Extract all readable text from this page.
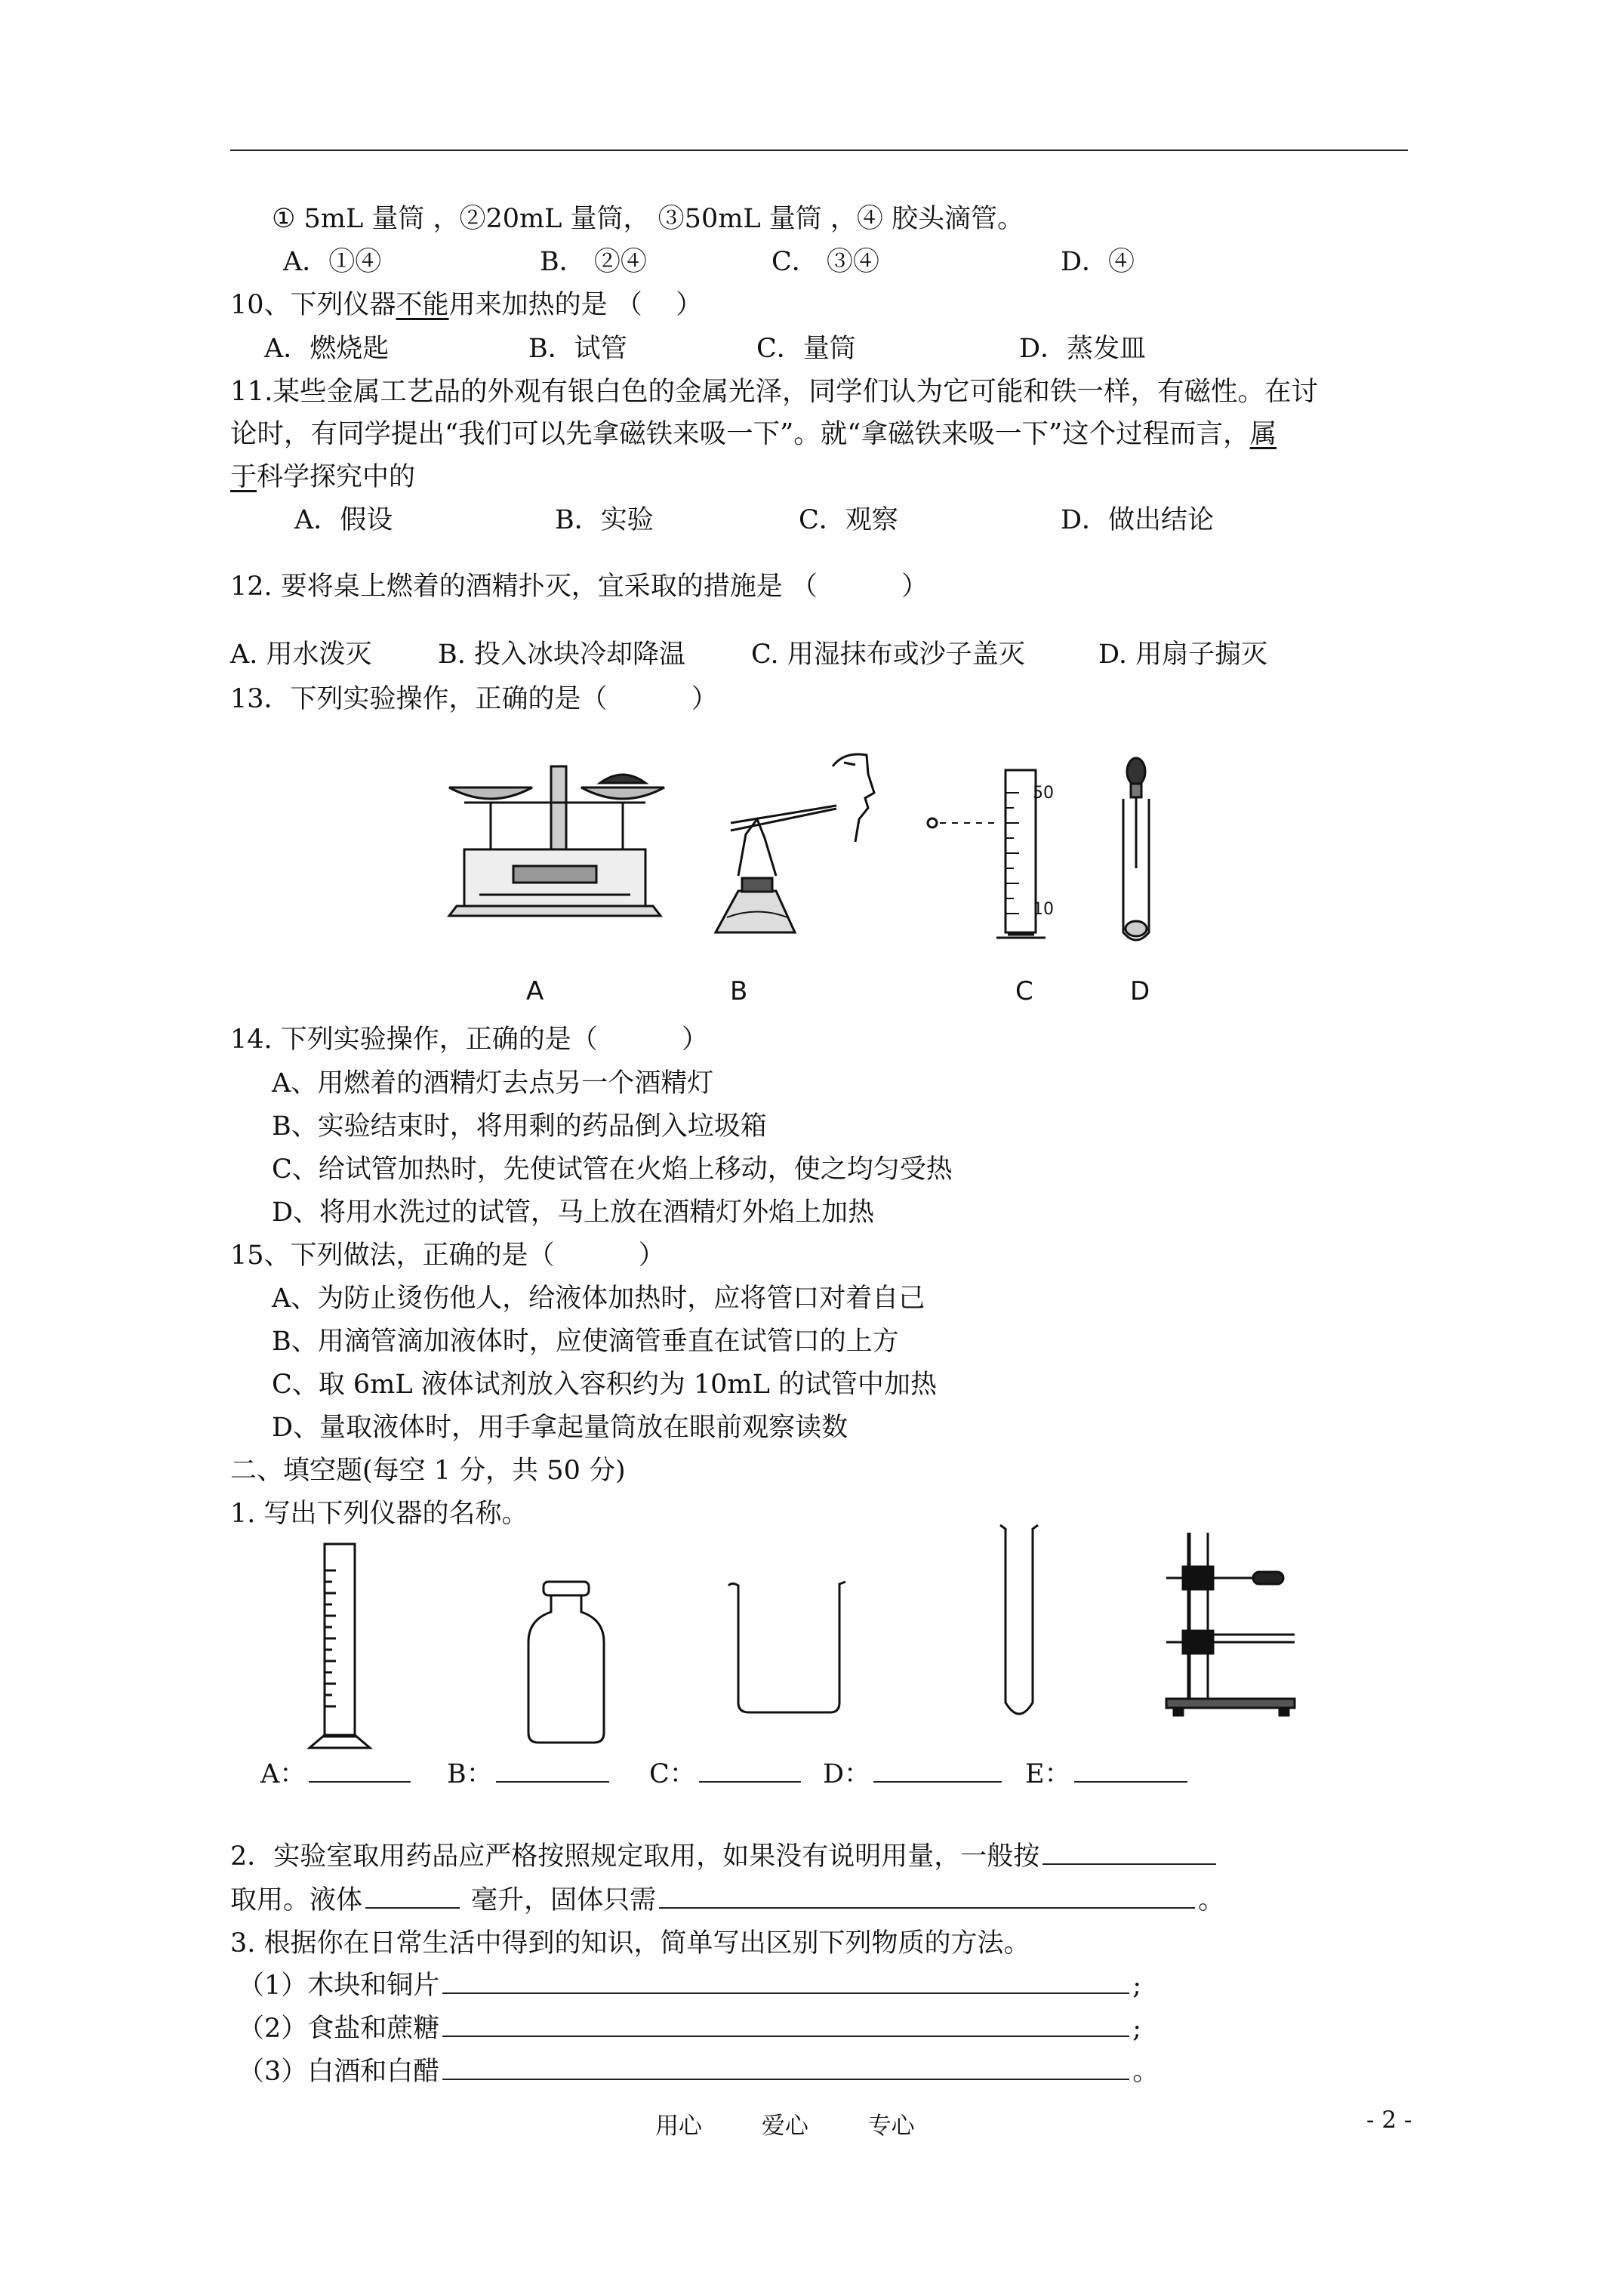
① 5mL 量筒 ，②20mL 量筒， ③50mL 量筒 ，④ 胶头滴管。
A．①④	B． ②④	C． ③④	D．④
10、下列仪器不能用来加热的是 （    ）
A．燃烧匙	B．试管	C．量筒	D．蒸发皿
11.某些金属工艺品的外观有银白色的金属光泽，同学们认为它可能和铁一样，有磁性。在讨
论时，有同学提出“我们可以先拿磁铁来吸一下”。就“拿磁铁来吸一下”这个过程而言，属
于科学探究中的
A．假设	B．实验	C．观察	D．做出结论
12. 要将桌上燃着的酒精扑灭，宜采取的措施是 （          ）
A. 用水泼灭 B. 投入冰块冷却降温 C. 用湿抹布或沙子盖灭	D. 用扇子搧灭
13．下列实验操作，正确的是（          ）
A	B
50
10
C	D
14. 下列实验操作，正确的是（          ）
A、用燃着的酒精灯去点另一个酒精灯
B、实验结束时，将用剩的药品倒入垃圾箱
C、给试管加热时，先使试管在火焰上移动，使之均匀受热
D、将用水洗过的试管，马上放在酒精灯外焰上加热
15、下列做法，正确的是（          ）
A、为防止烫伤他人，给液体加热时，应将管口对着自己
B、用滴管滴加液体时，应使滴管垂直在试管口的上方
C、取 6mL 液体试剂放入容积约为 10mL 的试管中加热
D、量取液体时，用手拿起量筒放在眼前观察读数
二、填空题(每空 1 分，共 50 分)
1. 写出下列仪器的名称。
A：	B：	C：	D：	E：
2．实验室取用药品应严格按照规定取用，如果没有说明用量，一般按
取用。液体	毫升，固体只需	。
3. 根据你在日常生活中得到的知识，简单写出区别下列物质的方法。
（1）木块和铜片	;
（2）食盐和蔗糖	;
（3）白酒和白醋	。
用心        爱心        专心	- 2 -
